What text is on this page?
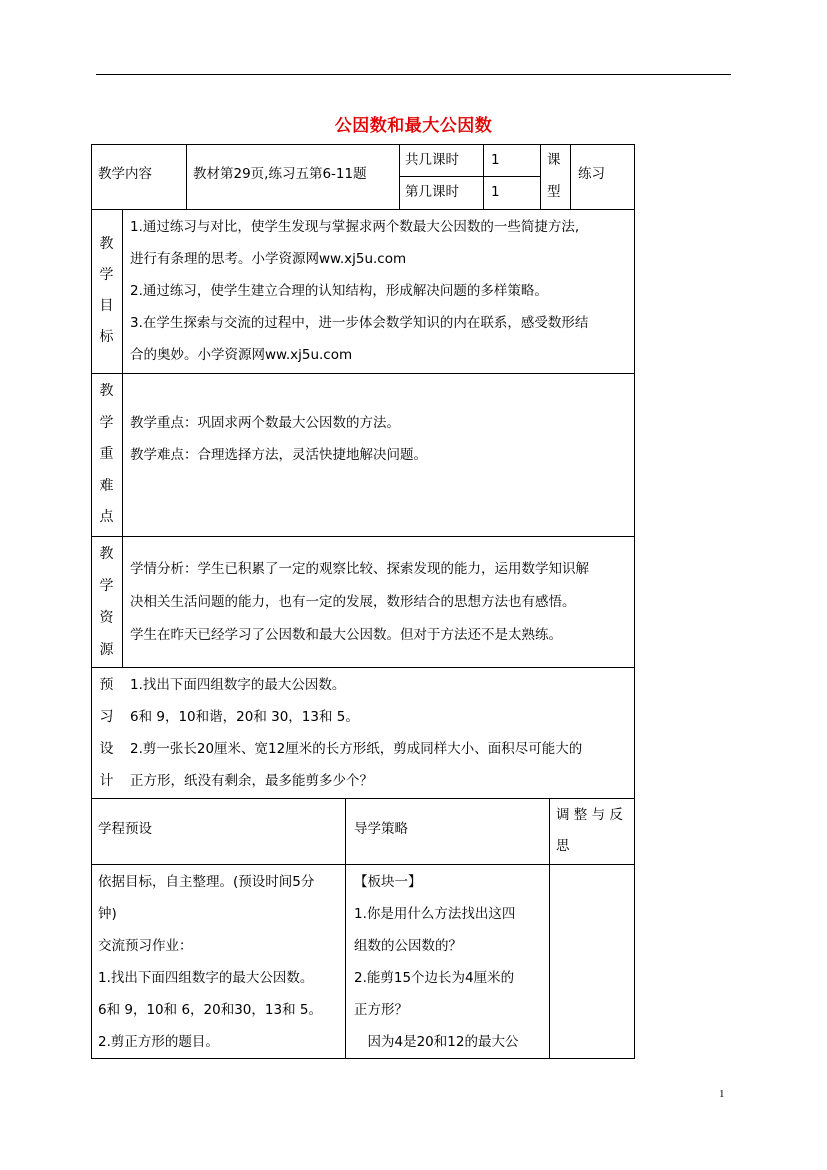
公因数和最大公因数
教学内容	教材第29页,练习五第6-11题
共几课时 1
第几课时 1
课
型
练习
教
学
目
标

1.通过练习与对比，使学生发现与掌握求两个数最大公因数的一些简捷方法,

进行有条理的思考。小学资源网ww.xj5u.com

2.通过练习，使学生建立合理的认知结构，形成解决问题的多样策略。

3.在学生探索与交流的过程中，进一步体会数学知识的内在联系，感受数形结

合的奥妙。小学资源网ww.xj5u.com

教
学
重
难
点

教学重点：巩固求两个数最大公因数的方法。

教学难点：合理选择方法，灵活快捷地解决问题。

教
学
资
源

学情分析：学生已积累了一定的观察比较、探索发现的能力，运用数学知识解

决相关生活问题的能力，也有一定的发展，数形结合的思想方法也有感悟。

学生在昨天已经学习了公因数和最大公因数。但对于方法还不是太熟练。

预
习
设
计

1.找出下面四组数字的最大公因数。

6和 9，10和谐，20和 30，13和 5。

2.剪一张长20厘米、宽12厘米的长方形纸，剪成同样大小、面积尽可能大的

正方形，纸没有剩余，最多能剪多少个？

学程预设	导学策略

调 整 与 反

思

依据目标，自主整理。(预设时间5分

钟)

交流预习作业：

1.找出下面四组数字的最大公因数。

6和 9，10和 6，20和30，13和 5。

2.剪正方形的题目。

【板块一】

1.你是用什么方法找出这四

组数的公因数的？

2.能剪15个边长为4厘米的

正方形？

　因为4是20和12的最大公

1
